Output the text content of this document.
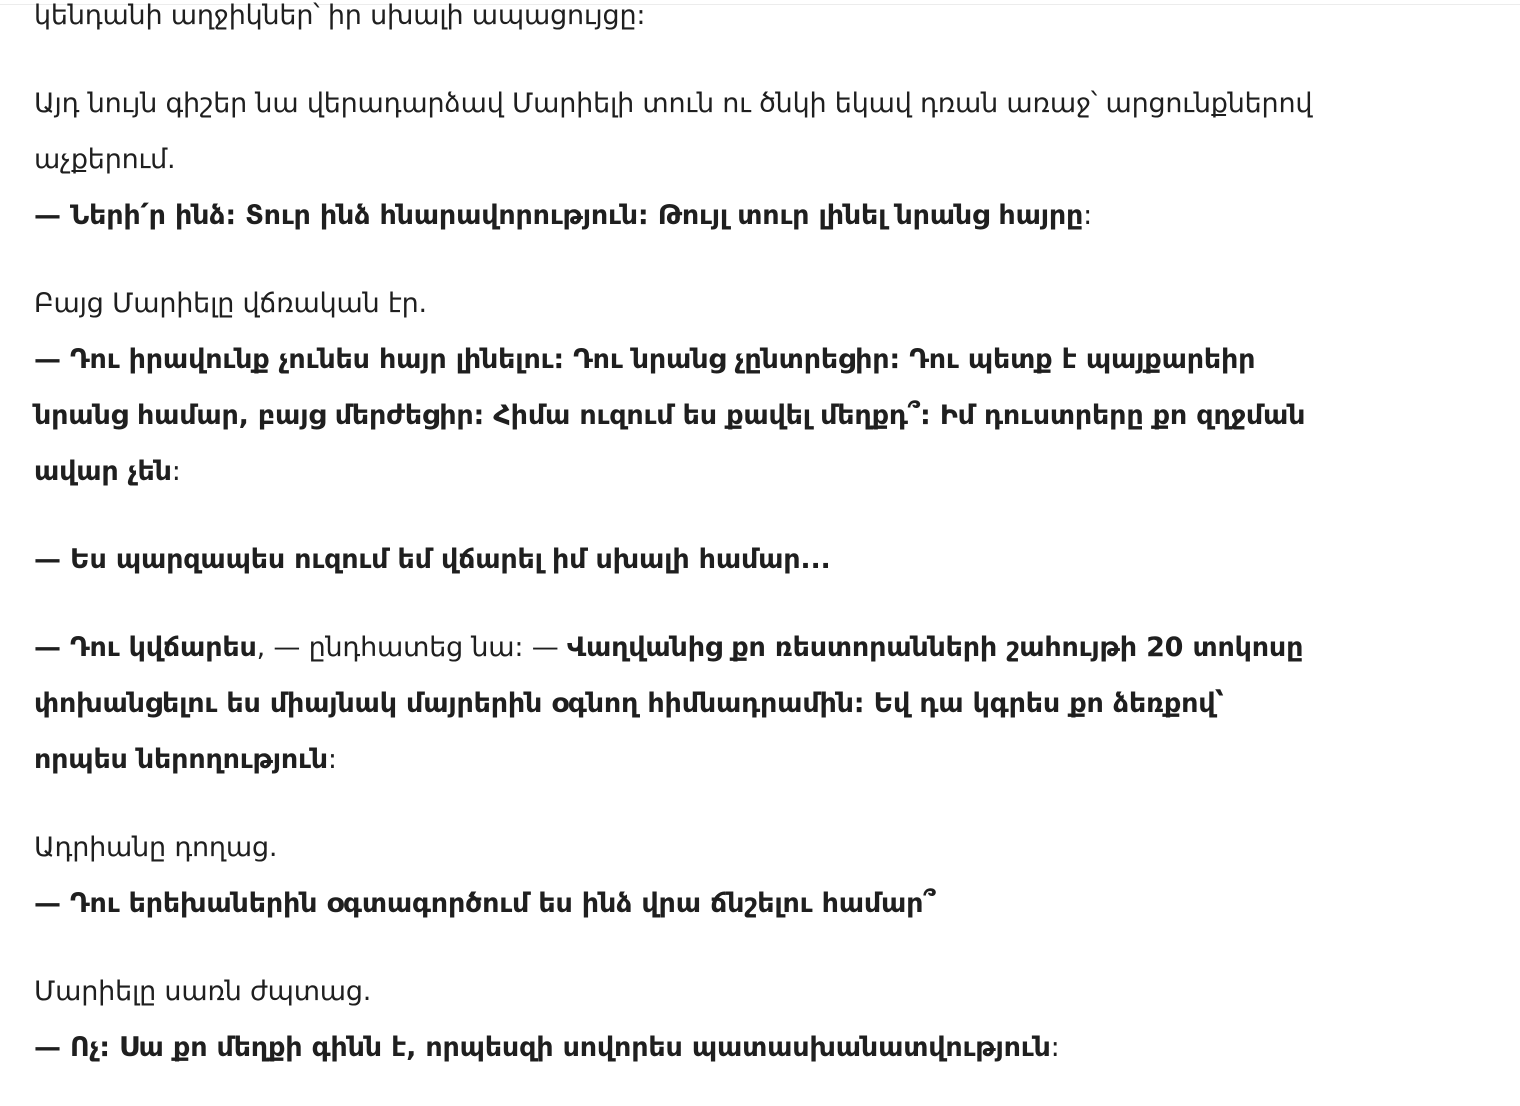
կենդանի աղջիկներ՝ իր սխալի ապացույցը:

Այդ նույն գիշեր նա վերադարձավ Մարիելի տուն ու ծնկի եկավ դռան առաջ՝ արցունքներով աչքերում.

— Ների՛ր ինձ: Տուր ինձ հնարավորություն: Թույլ տուր լինել նրանց հայրը:

Բայց Մարիելը վճռական էր.

— Դու իրավունք չունես հայր լինելու: Դու նրանց չընտրեցիր: Դու պետք է պայքարեիր նրանց համար, բայց մերժեցիր: Հիմա ուզում ես քավել մեղքդ՞: Իմ դուստրերը քո զղջման ավար չեն:

— Ես պարզապես ուզում եմ վճարել իմ սխալի համար...

— Դու կվճարես, — ընդհատեց նա: — Վաղվանից քո ռեստորանների շահույթի 20 տոկոսը փոխանցելու ես միայնակ մայրերին օգնող հիմնադրամին: Եվ դա կգրես քո ձեռքով՝ որպես ներողություն:

Ադրիանը դողաց.

— Դու երեխաներին օգտագործում ես ինձ վրա ճնշելու համար՞

Մարիելը սառն ժպտաց.

— Ոչ: Սա քո մեղքի գինն է, որպեսզի սովորես պատասխանատվություն:
